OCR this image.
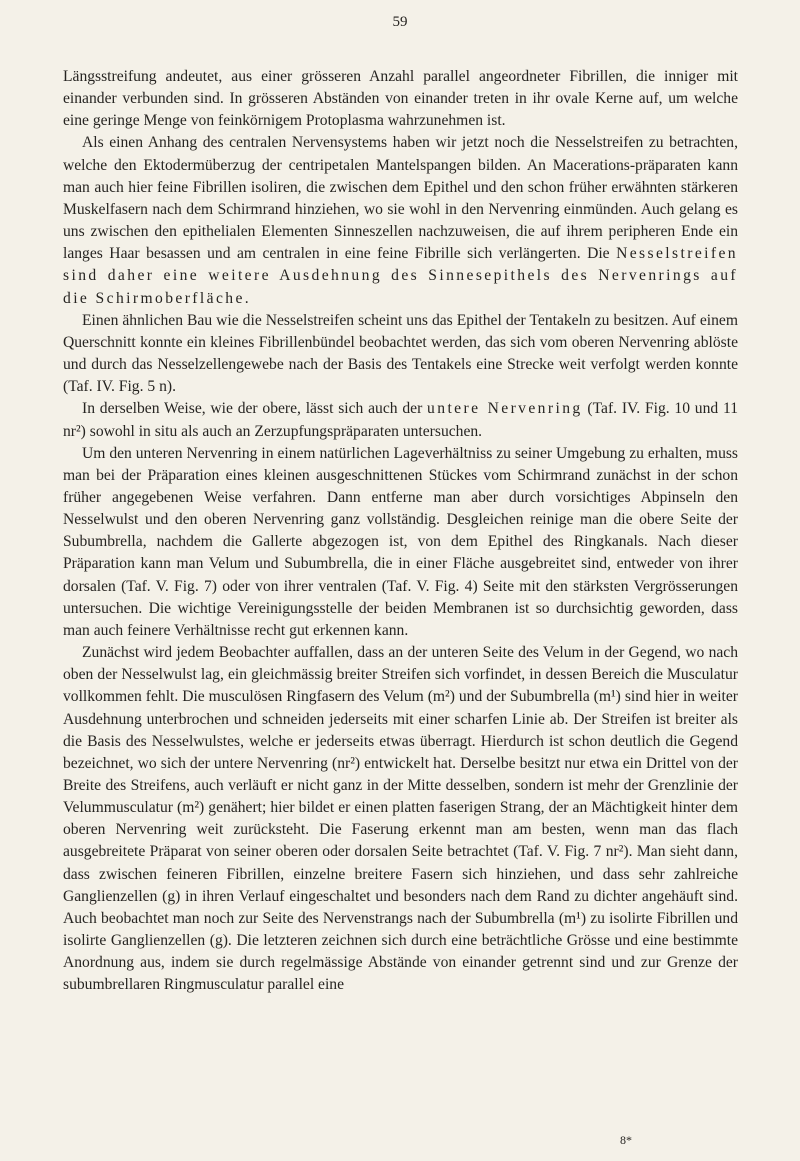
59

Längsstreifung andeutet, aus einer grösseren Anzahl parallel angeordneter Fibrillen, die inniger mit einander verbunden sind. In grösseren Abständen von einander treten in ihr ovale Kerne auf, um welche eine geringe Menge von feinkörnigem Protoplasma wahrzunehmen ist.

Als einen Anhang des centralen Nervensystems haben wir jetzt noch die Nesselstreifen zu betrachten, welche den Ektodermüberzug der centripetalen Mantelspangen bilden. An Macerations-präparaten kann man auch hier feine Fibrillen isoliren, die zwischen dem Epithel und den schon früher erwähnten stärkeren Muskelfasern nach dem Schirmrand hinziehen, wo sie wohl in den Nervenring einmünden. Auch gelang es uns zwischen den epithelialen Elementen Sinneszellen nachzuweisen, die auf ihrem peripheren Ende ein langes Haar besassen und am centralen in eine feine Fibrille sich verlängerten. Die Nesselstreifen sind daher eine weitere Ausdehnung des Sinnesepithels des Nervenrings auf die Schirmoberfläche.

Einen ähnlichen Bau wie die Nesselstreifen scheint uns das Epithel der Tentakeln zu besitzen. Auf einem Querschnitt konnte ein kleines Fibrillenbündel beobachtet werden, das sich vom oberen Nervenring ablöste und durch das Nesselzellengewebe nach der Basis des Tentakels eine Strecke weit verfolgt werden konnte (Taf. IV. Fig. 5 n).

In derselben Weise, wie der obere, lässt sich auch der untere Nervenring (Taf. IV. Fig. 10 und 11 nr²) sowohl in situ als auch an Zerzupfungspräparaten untersuchen.

Um den unteren Nervenring in einem natürlichen Lageverhältniss zu seiner Umgebung zu erhalten, muss man bei der Präparation eines kleinen ausgeschnittenen Stückes vom Schirmrand zunächst in der schon früher angegebenen Weise verfahren. Dann entferne man aber durch vorsichtiges Abpinseln den Nesselwulst und den oberen Nervenring ganz vollständig. Desgleichen reinige man die obere Seite der Subumbrella, nachdem die Gallerte abgezogen ist, von dem Epithel des Ringkanals. Nach dieser Präparation kann man Velum und Subumbrella, die in einer Fläche ausgebreitet sind, entweder von ihrer dorsalen (Taf. V. Fig. 7) oder von ihrer ventralen (Taf. V. Fig. 4) Seite mit den stärksten Vergrösserungen untersuchen. Die wichtige Vereinigungsstelle der beiden Membranen ist so durchsichtig geworden, dass man auch feinere Verhältnisse recht gut erkennen kann.

Zunächst wird jedem Beobachter auffallen, dass an der unteren Seite des Velum in der Gegend, wo nach oben der Nesselwulst lag, ein gleichmässig breiter Streifen sich vorfindet, in dessen Bereich die Musculatur vollkommen fehlt. Die musculösen Ringfasern des Velum (m²) und der Subumbrella (m¹) sind hier in weiter Ausdehnung unterbrochen und schneiden jederseits mit einer scharfen Linie ab. Der Streifen ist breiter als die Basis des Nesselwulstes, welche er jederseits etwas überragt. Hierdurch ist schon deutlich die Gegend bezeichnet, wo sich der untere Nervenring (nr²) entwickelt hat. Derselbe besitzt nur etwa ein Drittel von der Breite des Streifens, auch verläuft er nicht ganz in der Mitte desselben, sondern ist mehr der Grenzlinie der Velummusculatur (m²) genähert; hier bildet er einen platten faserigen Strang, der an Mächtigkeit hinter dem oberen Nervenring weit zurücksteht. Die Faserung erkennt man am besten, wenn man das flach ausgebreitete Präparat von seiner oberen oder dorsalen Seite betrachtet (Taf. V. Fig. 7 nr²). Man sieht dann, dass zwischen feineren Fibrillen, einzelne breitere Fasern sich hinziehen, und dass sehr zahlreiche Ganglienzellen (g) in ihren Verlauf eingeschaltet und besonders nach dem Rand zu dichter angehäuft sind. Auch beobachtet man noch zur Seite des Nervenstrangs nach der Subumbrella (m¹) zu isolirte Fibrillen und isolirte Ganglienzellen (g). Die letzteren zeichnen sich durch eine beträchtliche Grösse und eine bestimmte Anordnung aus, indem sie durch regelmässige Abstände von einander getrennt sind und zur Grenze der subumbrellaren Ringmusculatur parallel eine

8*
